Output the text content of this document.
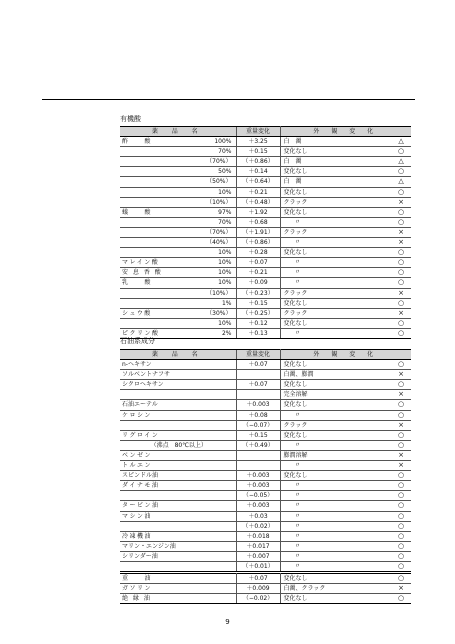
有機酸
薬 品 名		重量変化	外 観 変 化	
酢　　酸	100%	＋3.25	白　濁	△
	70%	＋0.15	変化なし	○
	（70%）	（＋0.86）	白　濁	△
	50%	＋0.14	変化なし	○
	（50%）	（＋0.64）	白　濁	△
	10%	＋0.21	変化なし	○
	（10%）	（＋0.48）	クラック	×
蟻　　酸	97%	＋1.92	変化なし	○
	70%	＋0.68	〃	○
	（70%）	（＋1.91）	クラック	×
	（40%）	（＋0.86）	〃	×
	10%	＋0.28	変化なし	○
マレイン酸	10%	＋0.07	〃	○
安 息 香 酸	10%	＋0.21	〃	○
乳　　酸	10%	＋0.09	〃	○
	（10%）	（＋0.23）	クラック	×
	1%	＋0.15	変化なし	○
シュウ酸	（30%）	（＋0.25）	クラック	×
	10%	＋0.12	変化なし	○
ピクリン酸	2%	＋0.13	〃	○
石油系成分
薬 品 名	重量変化	外 観 変 化	
n-ヘキサン	＋0.07	変化なし	○
ソルベントナフサ		白濁、膨潤	×
シクロヘキサン	＋0.07	変化なし	○
		完全溶解	×
石油エーテル	＋0.003	変化なし	○
ケロシン	＋0.08	〃	○
	（−0.07）	クラック	×
リグロイン	＋0.15	変化なし	○
（沸点　80℃以上）	（＋0.49）	〃	○
ベンゼン		膨潤溶解	×
トルエン		〃	×
スピンドル油	＋0.003	変化なし	○
ダイナモ油	＋0.003	〃	○
	（−0.05）	〃	○
タービン油	＋0.003	〃	○
マシン油	＋0.03	〃	○
	（＋0.02）	〃	○
冷凍機油	＋0.018	〃	○
マリン・エンジン油	＋0.017	〃	○
シリンダー油	＋0.007	〃	○
	（＋0.01）	〃	○
重　　油	＋0.07	変化なし	○
ガソリン	＋0.009	白濁、クラック	×
絶 縁 油	（−0.02）	変化なし	○
9
